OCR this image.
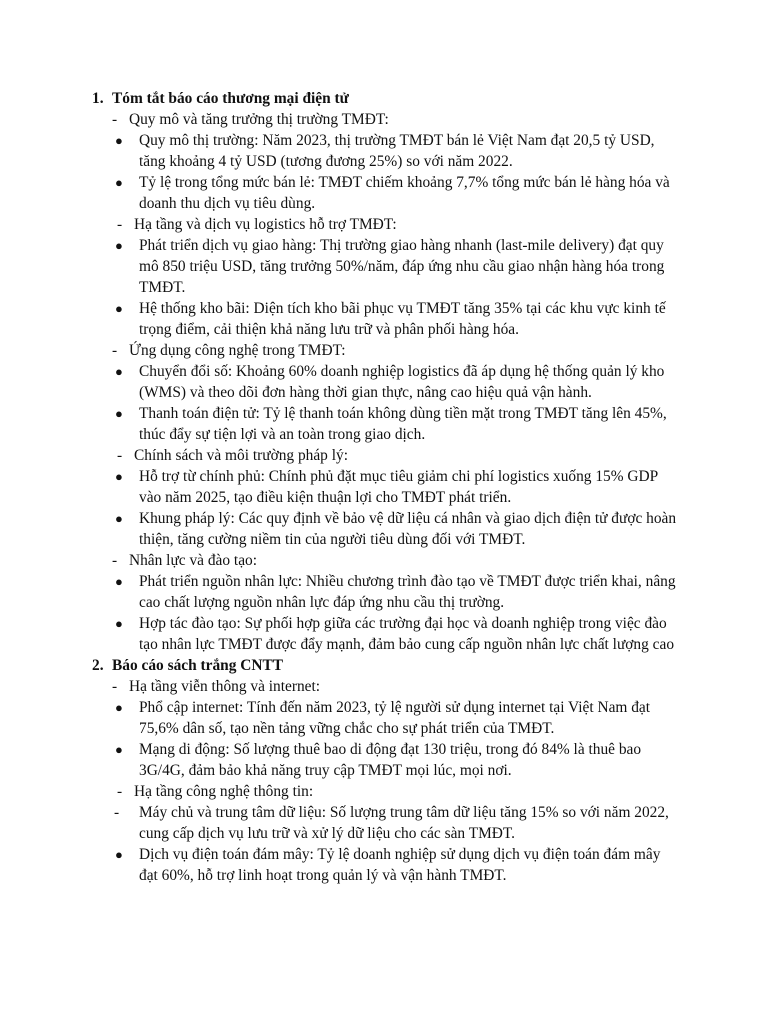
1. Tóm tắt báo cáo thương mại điện tử
- Quy mô và tăng trưởng thị trường TMĐT:
● Quy mô thị trường: Năm 2023, thị trường TMĐT bán lẻ Việt Nam đạt 20,5 tỷ USD, tăng khoảng 4 tỷ USD (tương đương 25%) so với năm 2022.
● Tỷ lệ trong tổng mức bán lẻ: TMĐT chiếm khoảng 7,7% tổng mức bán lẻ hàng hóa và doanh thu dịch vụ tiêu dùng.
- Hạ tầng và dịch vụ logistics hỗ trợ TMĐT:
● Phát triển dịch vụ giao hàng: Thị trường giao hàng nhanh (last-mile delivery) đạt quy mô 850 triệu USD, tăng trưởng 50%/năm, đáp ứng nhu cầu giao nhận hàng hóa trong TMĐT.
● Hệ thống kho bãi: Diện tích kho bãi phục vụ TMĐT tăng 35% tại các khu vực kinh tế trọng điểm, cải thiện khả năng lưu trữ và phân phối hàng hóa.
- Ứng dụng công nghệ trong TMĐT:
● Chuyển đổi số: Khoảng 60% doanh nghiệp logistics đã áp dụng hệ thống quản lý kho (WMS) và theo dõi đơn hàng thời gian thực, nâng cao hiệu quả vận hành.
● Thanh toán điện tử: Tỷ lệ thanh toán không dùng tiền mặt trong TMĐT tăng lên 45%, thúc đẩy sự tiện lợi và an toàn trong giao dịch.
- Chính sách và môi trường pháp lý:
● Hỗ trợ từ chính phủ: Chính phủ đặt mục tiêu giảm chi phí logistics xuống 15% GDP vào năm 2025, tạo điều kiện thuận lợi cho TMĐT phát triển.
● Khung pháp lý: Các quy định về bảo vệ dữ liệu cá nhân và giao dịch điện tử được hoàn thiện, tăng cường niềm tin của người tiêu dùng đối với TMĐT.
- Nhân lực và đào tạo:
● Phát triển nguồn nhân lực: Nhiều chương trình đào tạo về TMĐT được triển khai, nâng cao chất lượng nguồn nhân lực đáp ứng nhu cầu thị trường.
● Hợp tác đào tạo: Sự phối hợp giữa các trường đại học và doanh nghiệp trong việc đào tạo nhân lực TMĐT được đẩy mạnh, đảm bảo cung cấp nguồn nhân lực chất lượng cao
2. Báo cáo sách trắng CNTT
- Hạ tầng viễn thông và internet:
● Phổ cập internet: Tính đến năm 2023, tỷ lệ người sử dụng internet tại Việt Nam đạt 75,6% dân số, tạo nền tảng vững chắc cho sự phát triển của TMĐT.
● Mạng di động: Số lượng thuê bao di động đạt 130 triệu, trong đó 84% là thuê bao 3G/4G, đảm bảo khả năng truy cập TMĐT mọi lúc, mọi nơi.
- Hạ tầng công nghệ thông tin:
- Máy chủ và trung tâm dữ liệu: Số lượng trung tâm dữ liệu tăng 15% so với năm 2022, cung cấp dịch vụ lưu trữ và xử lý dữ liệu cho các sàn TMĐT.
● Dịch vụ điện toán đám mây: Tỷ lệ doanh nghiệp sử dụng dịch vụ điện toán đám mây đạt 60%, hỗ trợ linh hoạt trong quản lý và vận hành TMĐT.
